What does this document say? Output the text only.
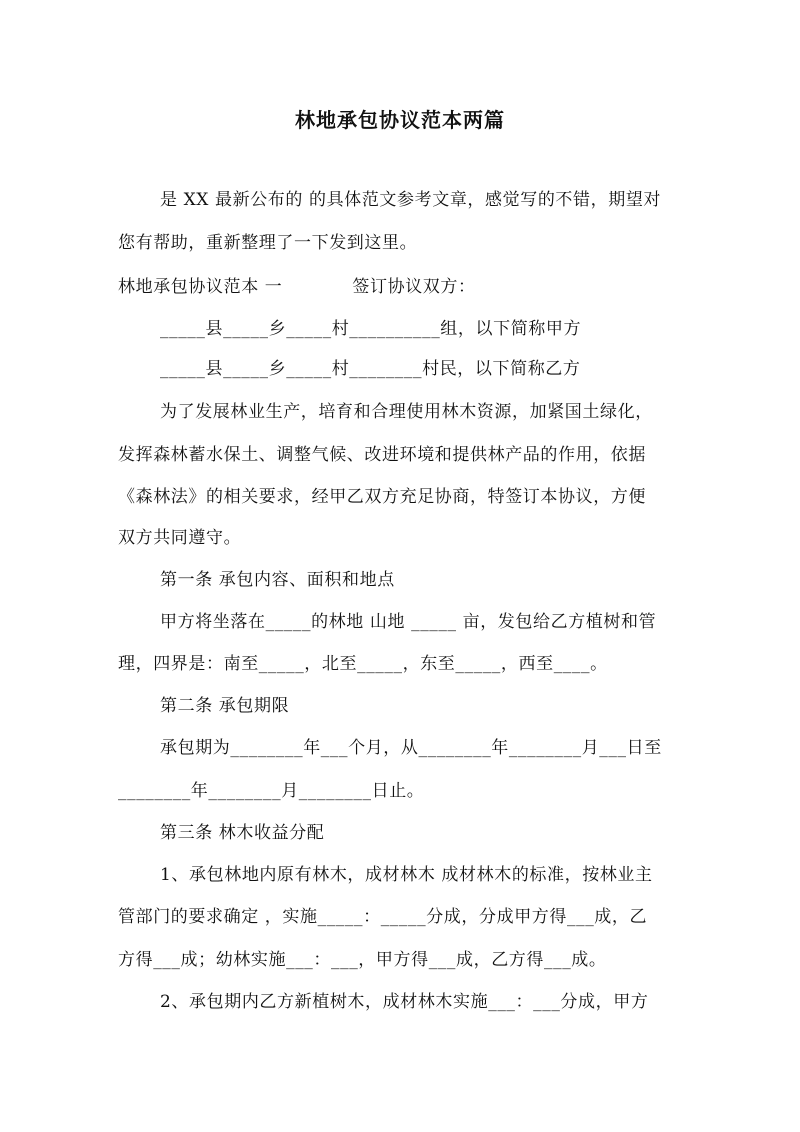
林地承包协议范本两篇
是 XX 最新公布的 的具体范文参考文章，感觉写的不错，期望对
您有帮助，重新整理了一下发到这里。
林地承包协议范本 一	签订协议双方：
_____县_____乡_____村__________组，以下简称甲方
_____县_____乡_____村________村民，以下简称乙方
为了发展林业生产，培育和合理使用林木资源，加紧国土绿化，
发挥森林蓄水保土、调整气候、改进环境和提供林产品的作用，依据
《森林法》的相关要求，经甲乙双方充足协商，特签订本协议，方便
双方共同遵守。
第一条 承包内容、面积和地点
甲方将坐落在_____的林地 山地 _____ 亩，发包给乙方植树和管
理，四界是：南至_____，北至_____，东至_____，西至____。
第二条 承包期限
承包期为________年___个月，从________年________月___日至
________年________月________日止。
第三条 林木收益分配
1、承包林地内原有林木，成材林木 成材林木的标准，按林业主
管部门的要求确定 ，实施_____：_____分成，分成甲方得___成，乙
方得___成；幼林实施___：___，甲方得___成，乙方得___成。
2、承包期内乙方新植树木，成材林木实施___：___分成，甲方
